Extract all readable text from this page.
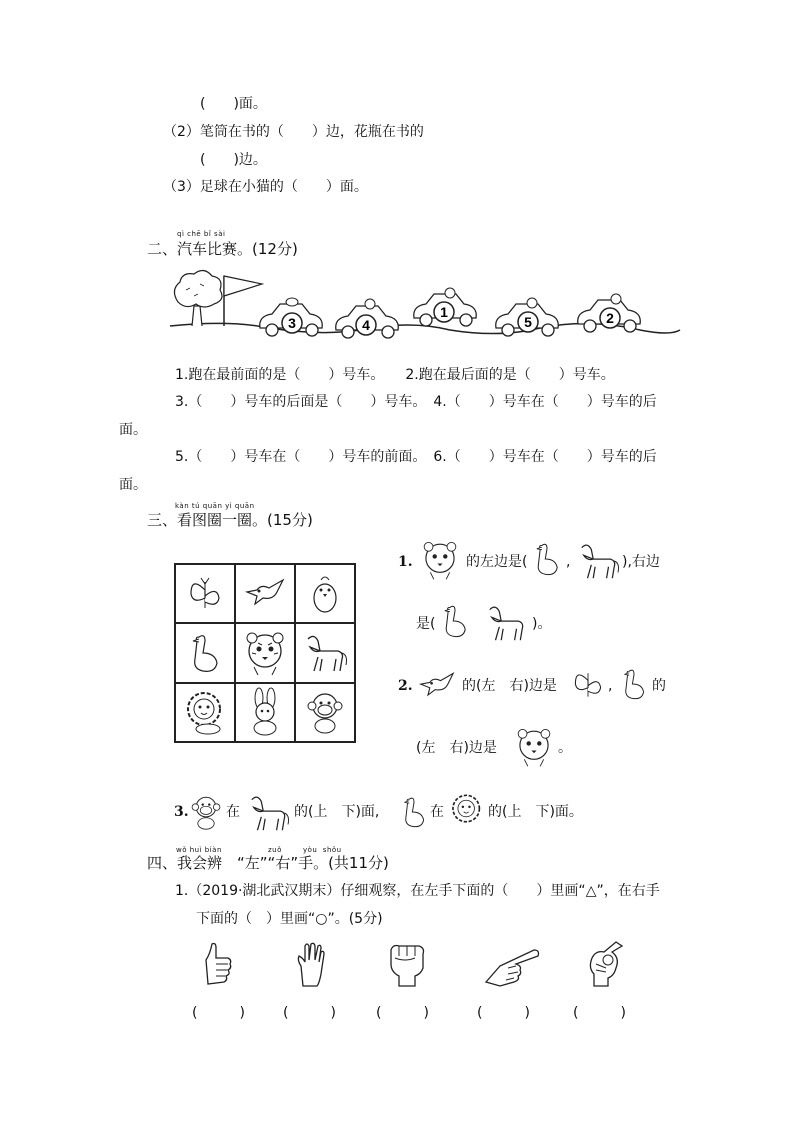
(　　)面。
（2）笔筒在书的（　　）边，花瓶在书的
(　　)边。
（3）足球在小猫的（　　）面。
qì chē bǐ sài
二、汽车比赛。(12分)
3	4
1
5	2
1.跑在最前面的是（　　）号车。　　2.跑在最后面的是（　　）号车。
3.（　　）号车的后面是（　　）号车。　4.（　　）号车在（　　）号车的后
面。
5.（　　）号车在（　　）号车的前面。　6.（　　）号车在（　　）号车的后
面。
kàn tú quān yì quān
三、看图圈一圈。(15分)
1.	的左边是(	,	),右边
是(	)。
2.	的(左　右)边是	,	的
(左　右)边是	。
3.	在	的(上　下)面,	在	的(上　下)面。
wǒ huì biàn	zuǒ	yòu  shǒu
四、我会辨　“左”“右”手。(共11分)
1.（2019·湖北武汉期末）仔细观察，在左手下面的（　　）里画“△”，在右手
下面的（　）里画“○”。(5分)
(　　　)	(　　　)	(　　　)	(　　　)	(　　　)
